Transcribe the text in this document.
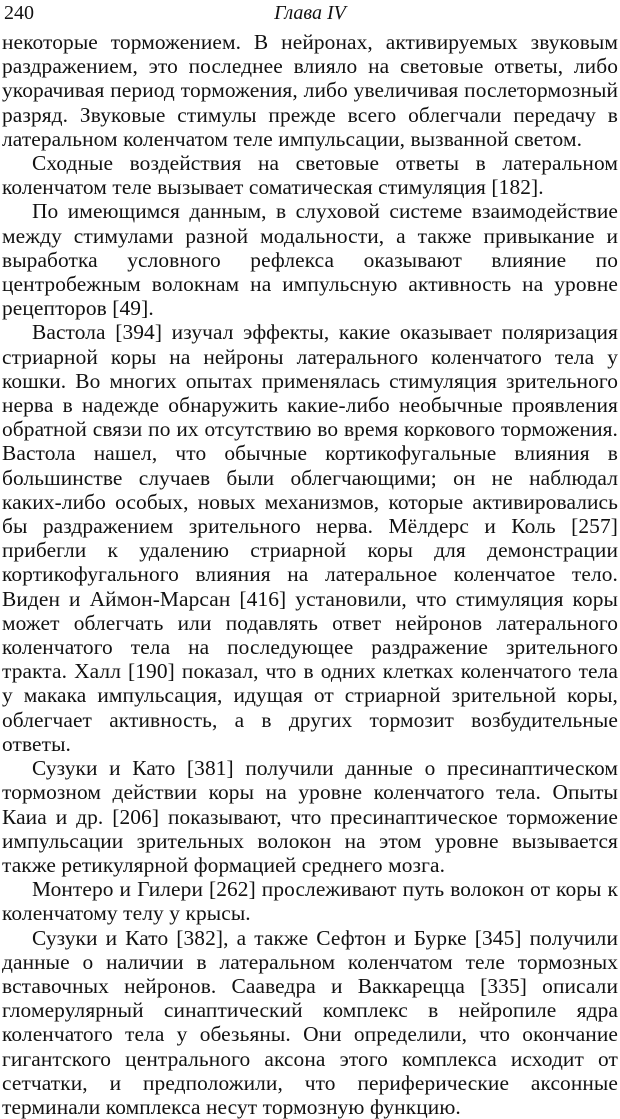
240	Глава IV

некоторые торможением. В нейронах, активируемых звуковым раздражением, это последнее влияло на световые ответы, либо укорачивая период торможения, либо увеличивая послетормозный разряд. Звуковые стимулы прежде всего облегчали передачу в латеральном коленчатом теле импульсации, вызванной светом.

Сходные воздействия на световые ответы в латеральном коленчатом теле вызывает соматическая стимуляция [182].

По имеющимся данным, в слуховой системе взаимодействие между стимулами разной модальности, а также привыкание и выработка условного рефлекса оказывают влияние по центробежным волокнам на импульсную активность на уровне рецепторов [49].

Вастола [394] изучал эффекты, какие оказывает поляризация стриарной коры на нейроны латерального коленчатого тела у кошки. Во многих опытах применялась стимуляция зрительного нерва в надежде обнаружить какие-либо необычные проявления обратной связи по их отсутствию во время коркового торможения. Вастола нашел, что обычные кортикофугальные влияния в большинстве случаев были облегчающими; он не наблюдал каких-либо особых, новых механизмов, которые активировались бы раздражением зрительного нерва. Мёлдерс и Коль [257] прибегли к удалению стриарной коры для демонстрации кортикофугального влияния на латеральное коленчатое тело. Виден и Аймон-Марсан [416] установили, что стимуляция коры может облегчать или подавлять ответ нейронов латерального коленчатого тела на последующее раздражение зрительного тракта. Халл [190] показал, что в одних клетках коленчатого тела у макака импульсация, идущая от стриарной зрительной коры, облегчает активность, а в других тормозит возбудительные ответы.

Сузуки и Като [381] получили данные о пресинаптическом тормозном действии коры на уровне коленчатого тела. Опыты Каиа и др. [206] показывают, что пресинаптическое торможение импульсации зрительных волокон на этом уровне вызывается также ретикулярной формацией среднего мозга.

Монтеро и Гилери [262] прослеживают путь волокон от коры к коленчатому телу у крысы.

Сузуки и Като [382], а также Сефтон и Бурке [345] получили данные о наличии в латеральном коленчатом теле тормозных вставочных нейронов. Сааведра и Ваккарецца [335] описали гломерулярный синаптический комплекс в нейропиле ядра коленчатого тела у обезьяны. Они определили, что окончание гигантского центрального аксона этого комплекса исходит от сетчатки, и предположили, что периферические аксонные терминали комплекса несут тормозную функцию.
